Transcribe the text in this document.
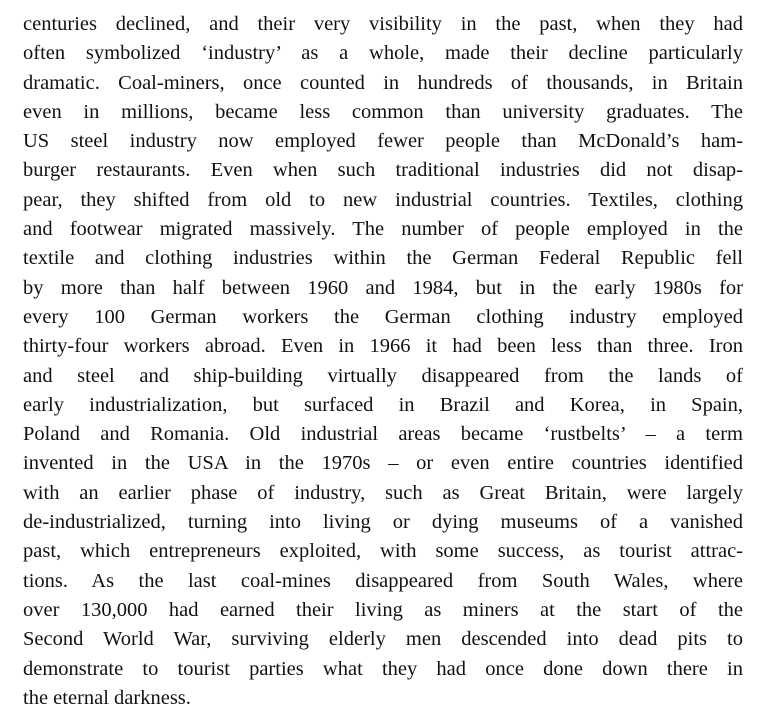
centuries declined, and their very visibility in the past, when they had
often symbolized ‘industry’ as a whole, made their decline particularly
dramatic. Coal-miners, once counted in hundreds of thousands, in Britain
even in millions, became less common than university graduates. The
US steel industry now employed fewer people than McDonald’s ham-
burger restaurants. Even when such traditional industries did not disap-
pear, they shifted from old to new industrial countries. Textiles, clothing
and footwear migrated massively. The number of people employed in the
textile and clothing industries within the German Federal Republic fell
by more than half between 1960 and 1984, but in the early 1980s for
every 100 German workers the German clothing industry employed
thirty-four workers abroad. Even in 1966 it had been less than three. Iron
and steel and ship-building virtually disappeared from the lands of
early industrialization, but surfaced in Brazil and Korea, in Spain,
Poland and Romania. Old industrial areas became ‘rustbelts’ – a term
invented in the USA in the 1970s – or even entire countries identified
with an earlier phase of industry, such as Great Britain, were largely
de-industrialized, turning into living or dying museums of a vanished
past, which entrepreneurs exploited, with some success, as tourist attrac-
tions. As the last coal-mines disappeared from South Wales, where
over 130,000 had earned their living as miners at the start of the
Second World War, surviving elderly men descended into dead pits to
demonstrate to tourist parties what they had once done down there in
the eternal darkness.
